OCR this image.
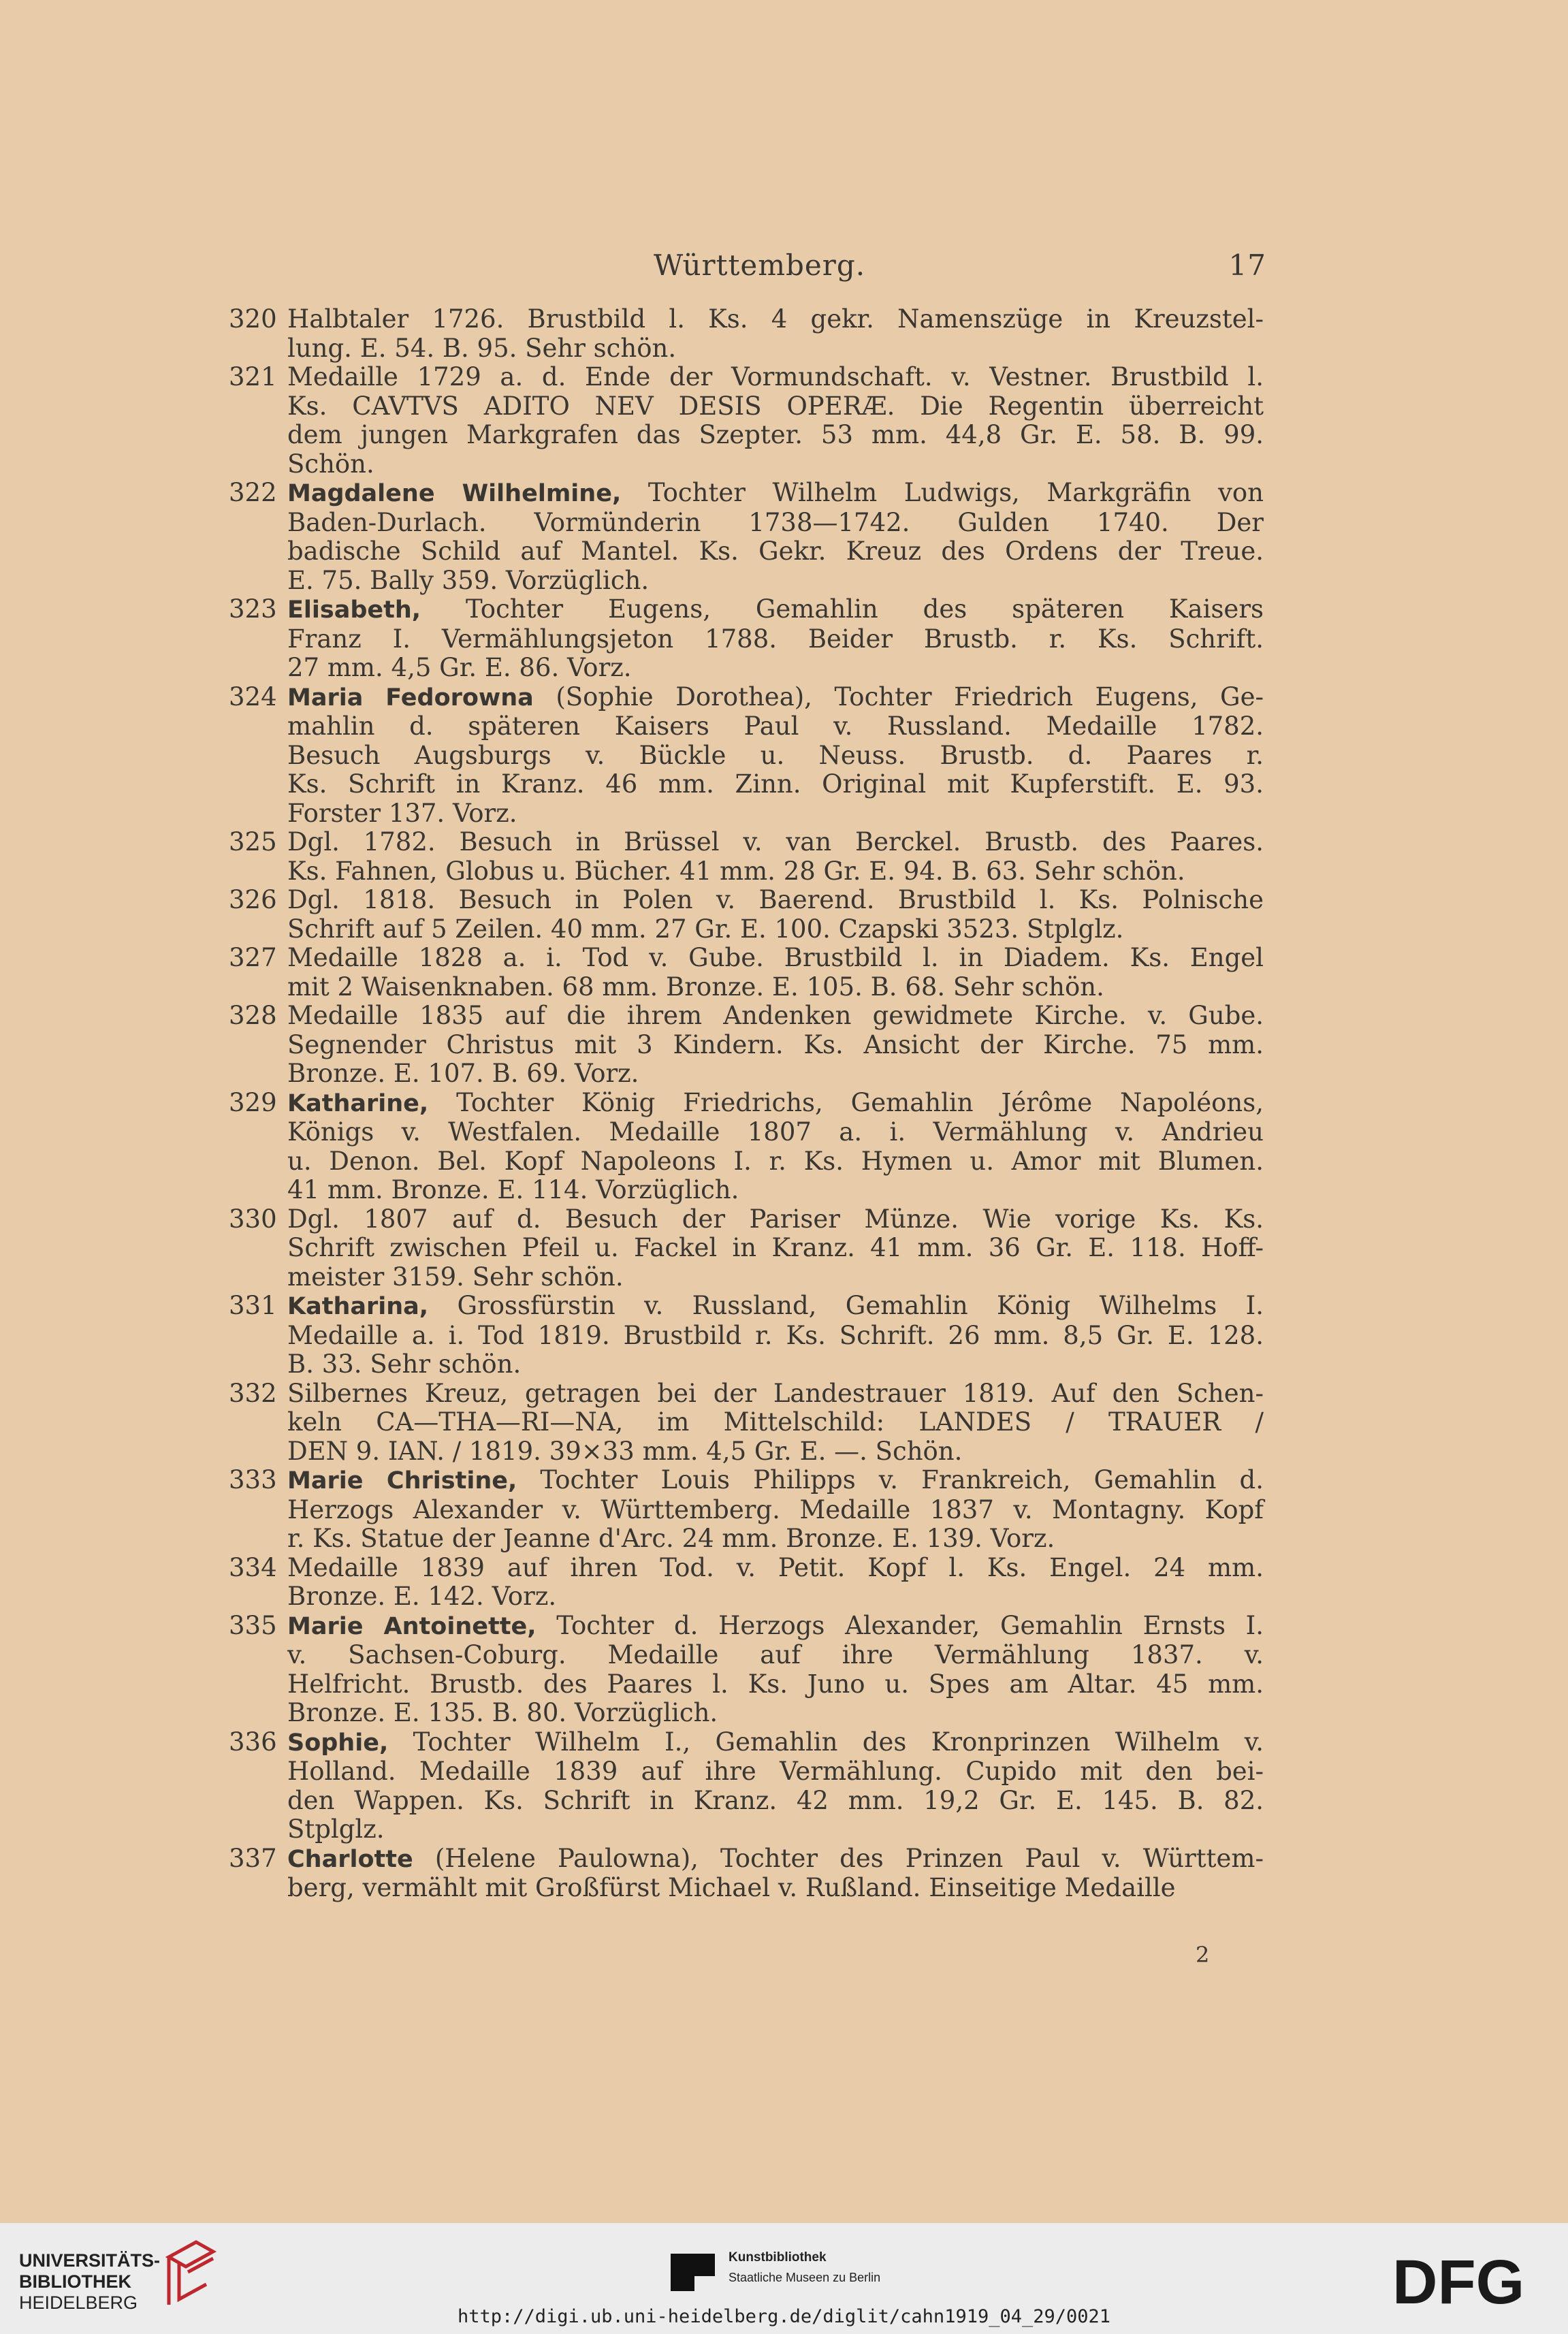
Württemberg.	17
320 Halbtaler 1726. Brustbild l. Ks. 4 gekr. Namenszüge in Kreuzstel-
lung. E. 54. B. 95. Sehr schön.
321 Medaille 1729 a. d. Ende der Vormundschaft. v. Vestner. Brustbild l.
Ks. CAVTVS ADITO NEV DESIS OPERÆ. Die Regentin überreicht
dem jungen Markgrafen das Szepter. 53 mm. 44,8 Gr. E. 58. B. 99.
Schön.
322 Magdalene Wilhelmine, Tochter Wilhelm Ludwigs, Markgräfin von
Baden-Durlach. Vormünderin 1738—1742. Gulden 1740. Der
badische Schild auf Mantel. Ks. Gekr. Kreuz des Ordens der Treue.
E. 75. Bally 359. Vorzüglich.
323 Elisabeth, Tochter Eugens, Gemahlin des späteren Kaisers
Franz I. Vermählungsjeton 1788. Beider Brustb. r. Ks. Schrift.
27 mm. 4,5 Gr. E. 86. Vorz.
324 Maria Fedorowna (Sophie Dorothea), Tochter Friedrich Eugens, Ge-
mahlin d. späteren Kaisers Paul v. Russland. Medaille 1782.
Besuch Augsburgs v. Bückle u. Neuss. Brustb. d. Paares r.
Ks. Schrift in Kranz. 46 mm. Zinn. Original mit Kupferstift. E. 93.
Forster 137. Vorz.
325 Dgl. 1782. Besuch in Brüssel v. van Berckel. Brustb. des Paares.
Ks. Fahnen, Globus u. Bücher. 41 mm. 28 Gr. E. 94. B. 63. Sehr schön.
326 Dgl. 1818. Besuch in Polen v. Baerend. Brustbild l. Ks. Polnische
Schrift auf 5 Zeilen. 40 mm. 27 Gr. E. 100. Czapski 3523. Stplglz.
327 Medaille 1828 a. i. Tod v. Gube. Brustbild l. in Diadem. Ks. Engel
mit 2 Waisenknaben. 68 mm. Bronze. E. 105. B. 68. Sehr schön.
328 Medaille 1835 auf die ihrem Andenken gewidmete Kirche. v. Gube.
Segnender Christus mit 3 Kindern. Ks. Ansicht der Kirche. 75 mm.
Bronze. E. 107. B. 69. Vorz.
329 Katharine, Tochter König Friedrichs, Gemahlin Jérôme Napoléons,
Königs v. Westfalen. Medaille 1807 a. i. Vermählung v. Andrieu
u. Denon. Bel. Kopf Napoleons I. r. Ks. Hymen u. Amor mit Blumen.
41 mm. Bronze. E. 114. Vorzüglich.
330 Dgl. 1807 auf d. Besuch der Pariser Münze. Wie vorige Ks. Ks.
Schrift zwischen Pfeil u. Fackel in Kranz. 41 mm. 36 Gr. E. 118. Hoff-
meister 3159. Sehr schön.
331 Katharina, Grossfürstin v. Russland, Gemahlin König Wilhelms I.
Medaille a. i. Tod 1819. Brustbild r. Ks. Schrift. 26 mm. 8,5 Gr. E. 128.
B. 33. Sehr schön.
332 Silbernes Kreuz, getragen bei der Landestrauer 1819. Auf den Schen-
keln CA—THA—RI—NA, im Mittelschild: LANDES / TRAUER /
DEN 9. IAN. / 1819. 39×33 mm. 4,5 Gr. E. —. Schön.
333 Marie Christine, Tochter Louis Philipps v. Frankreich, Gemahlin d.
Herzogs Alexander v. Württemberg. Medaille 1837 v. Montagny. Kopf
r. Ks. Statue der Jeanne d'Arc. 24 mm. Bronze. E. 139. Vorz.
334 Medaille 1839 auf ihren Tod. v. Petit. Kopf l. Ks. Engel. 24 mm.
Bronze. E. 142. Vorz.
335 Marie Antoinette, Tochter d. Herzogs Alexander, Gemahlin Ernsts I.
v. Sachsen-Coburg. Medaille auf ihre Vermählung 1837. v.
Helfricht. Brustb. des Paares l. Ks. Juno u. Spes am Altar. 45 mm.
Bronze. E. 135. B. 80. Vorzüglich.
336 Sophie, Tochter Wilhelm I., Gemahlin des Kronprinzen Wilhelm v.
Holland. Medaille 1839 auf ihre Vermählung. Cupido mit den bei-
den Wappen. Ks. Schrift in Kranz. 42 mm. 19,2 Gr. E. 145. B. 82.
Stplglz.
337 Charlotte (Helene Paulowna), Tochter des Prinzen Paul v. Württem-
berg, vermählt mit Großfürst Michael v. Rußland. Einseitige Medaille
2
UNIVERSITÄTS-
BIBLIOTHEK
HEIDELBERG
Kunstbibliothek
Staatliche Museen zu Berlin	DFG
http://digi.ub.uni-heidelberg.de/diglit/cahn1919_04_29/0021
